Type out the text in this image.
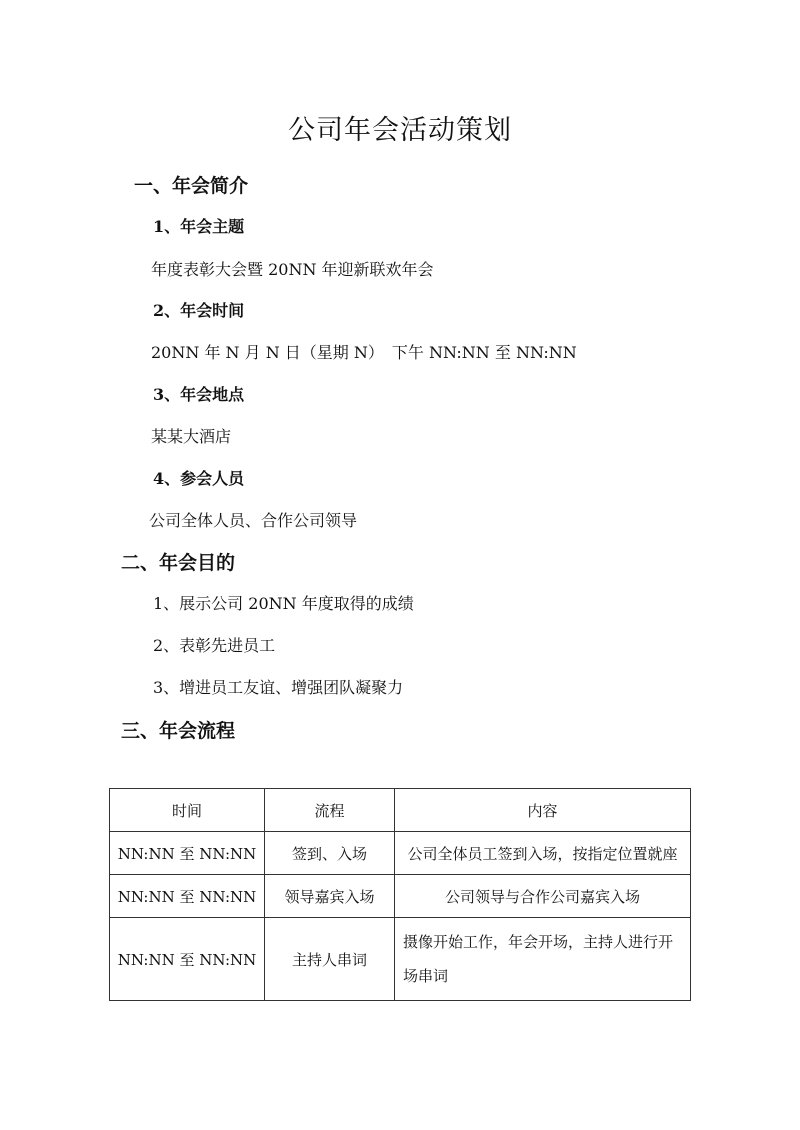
公司年会活动策划
一、年会简介
1、年会主题
年度表彰大会暨 20NN 年迎新联欢年会
2、年会时间
20NN 年 N 月 N 日（星期 N）　下午 NN:NN 至 NN:NN
3、年会地点
某某大酒店
4、参会人员
公司全体人员、合作公司领导
二、年会目的
1、展示公司 20NN 年度取得的成绩
2、表彰先进员工
3、增进员工友谊、增强团队凝聚力
三、年会流程
时间	流程	内容
NN:NN 至 NN:NN	签到、入场	公司全体员工签到入场，按指定位置就座
NN:NN 至 NN:NN	领导嘉宾入场	公司领导与合作公司嘉宾入场
NN:NN 至 NN:NN	主持人串词	摄像开始工作，年会开场，主持人进行开场串词
